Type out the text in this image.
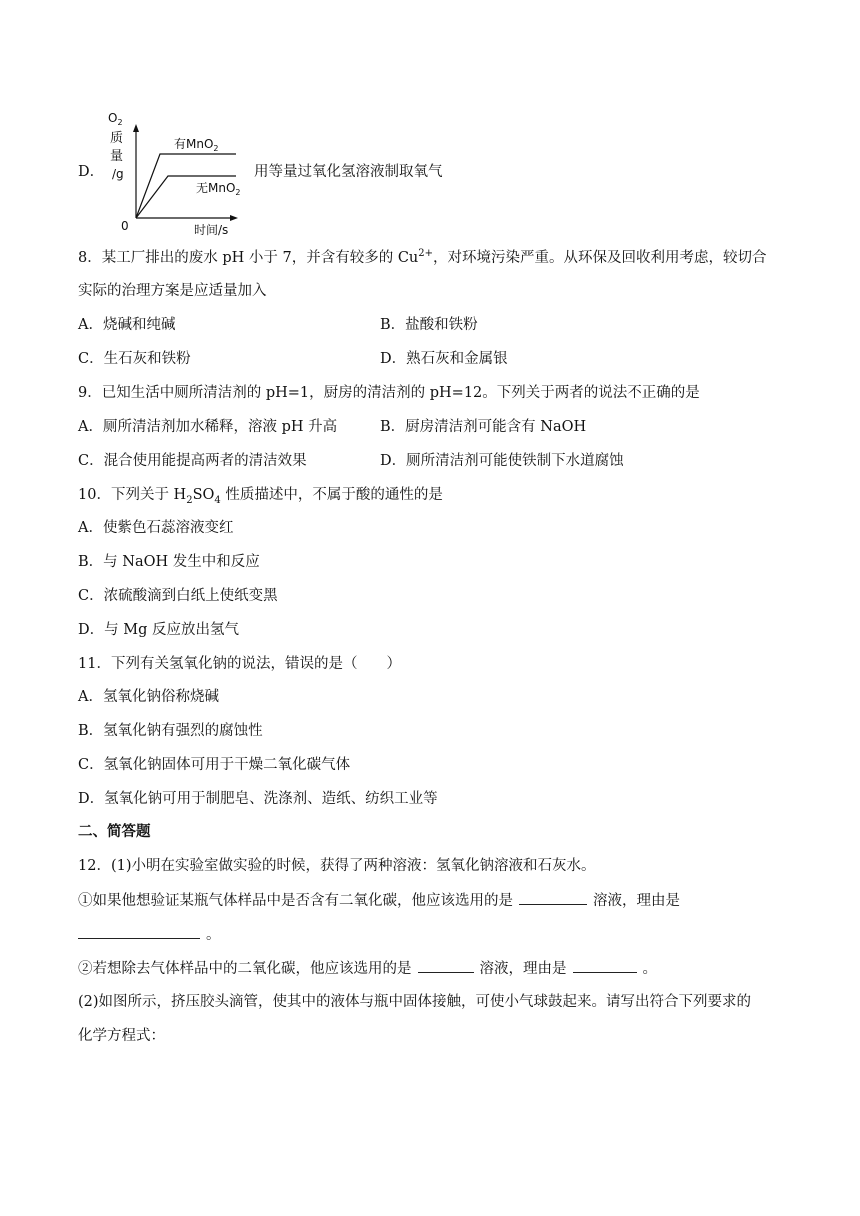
D．
$O_2$
质
量
/g
0	时间/s
有MnO$_2$
无MnO$_2$
用等量过氧化氢溶液制取氧气
8．某工厂排出的废水 pH 小于 7，并含有较多的 $Cu^{2+}$，对环境污染严重。从环保及回收利用考虑，较切合
实际的治理方案是应适量加入
A．烧碱和纯碱	B．盐酸和铁粉
C．生石灰和铁粉	D．熟石灰和金属银
9．已知生活中厕所清洁剂的 pH=1，厨房的清洁剂的 pH=12。下列关于两者的说法不正确的是
A．厕所清洁剂加水稀释，溶液 pH 升高	B．厨房清洁剂可能含有 NaOH
C．混合使用能提高两者的清洁效果	D．厕所清洁剂可能使铁制下水道腐蚀
10．下列关于 $H_2SO_4$ 性质描述中，不属于酸的通性的是
A．使紫色石蕊溶液变红
B．与 NaOH 发生中和反应
C．浓硫酸滴到白纸上使纸变黑
D．与 Mg 反应放出氢气
11．下列有关氢氧化钠的说法，错误的是（　　）
A．氢氧化钠俗称烧碱
B．氢氧化钠有强烈的腐蚀性
C．氢氧化钠固体可用于干燥二氧化碳气体
D．氢氧化钠可用于制肥皂、洗涤剂、造纸、纺织工业等
二、简答题
12．(1)小明在实验室做实验的时候，获得了两种溶液：氢氧化钠溶液和石灰水。
①如果他想验证某瓶气体样品中是否含有二氧化碳，他应该选用的是	溶液，理由是
。
②若想除去气体样品中的二氧化碳，他应该选用的是	溶液，理由是	。
(2)如图所示，挤压胶头滴管，使其中的液体与瓶中固体接触，可使小气球鼓起来。请写出符合下列要求的
化学方程式：
